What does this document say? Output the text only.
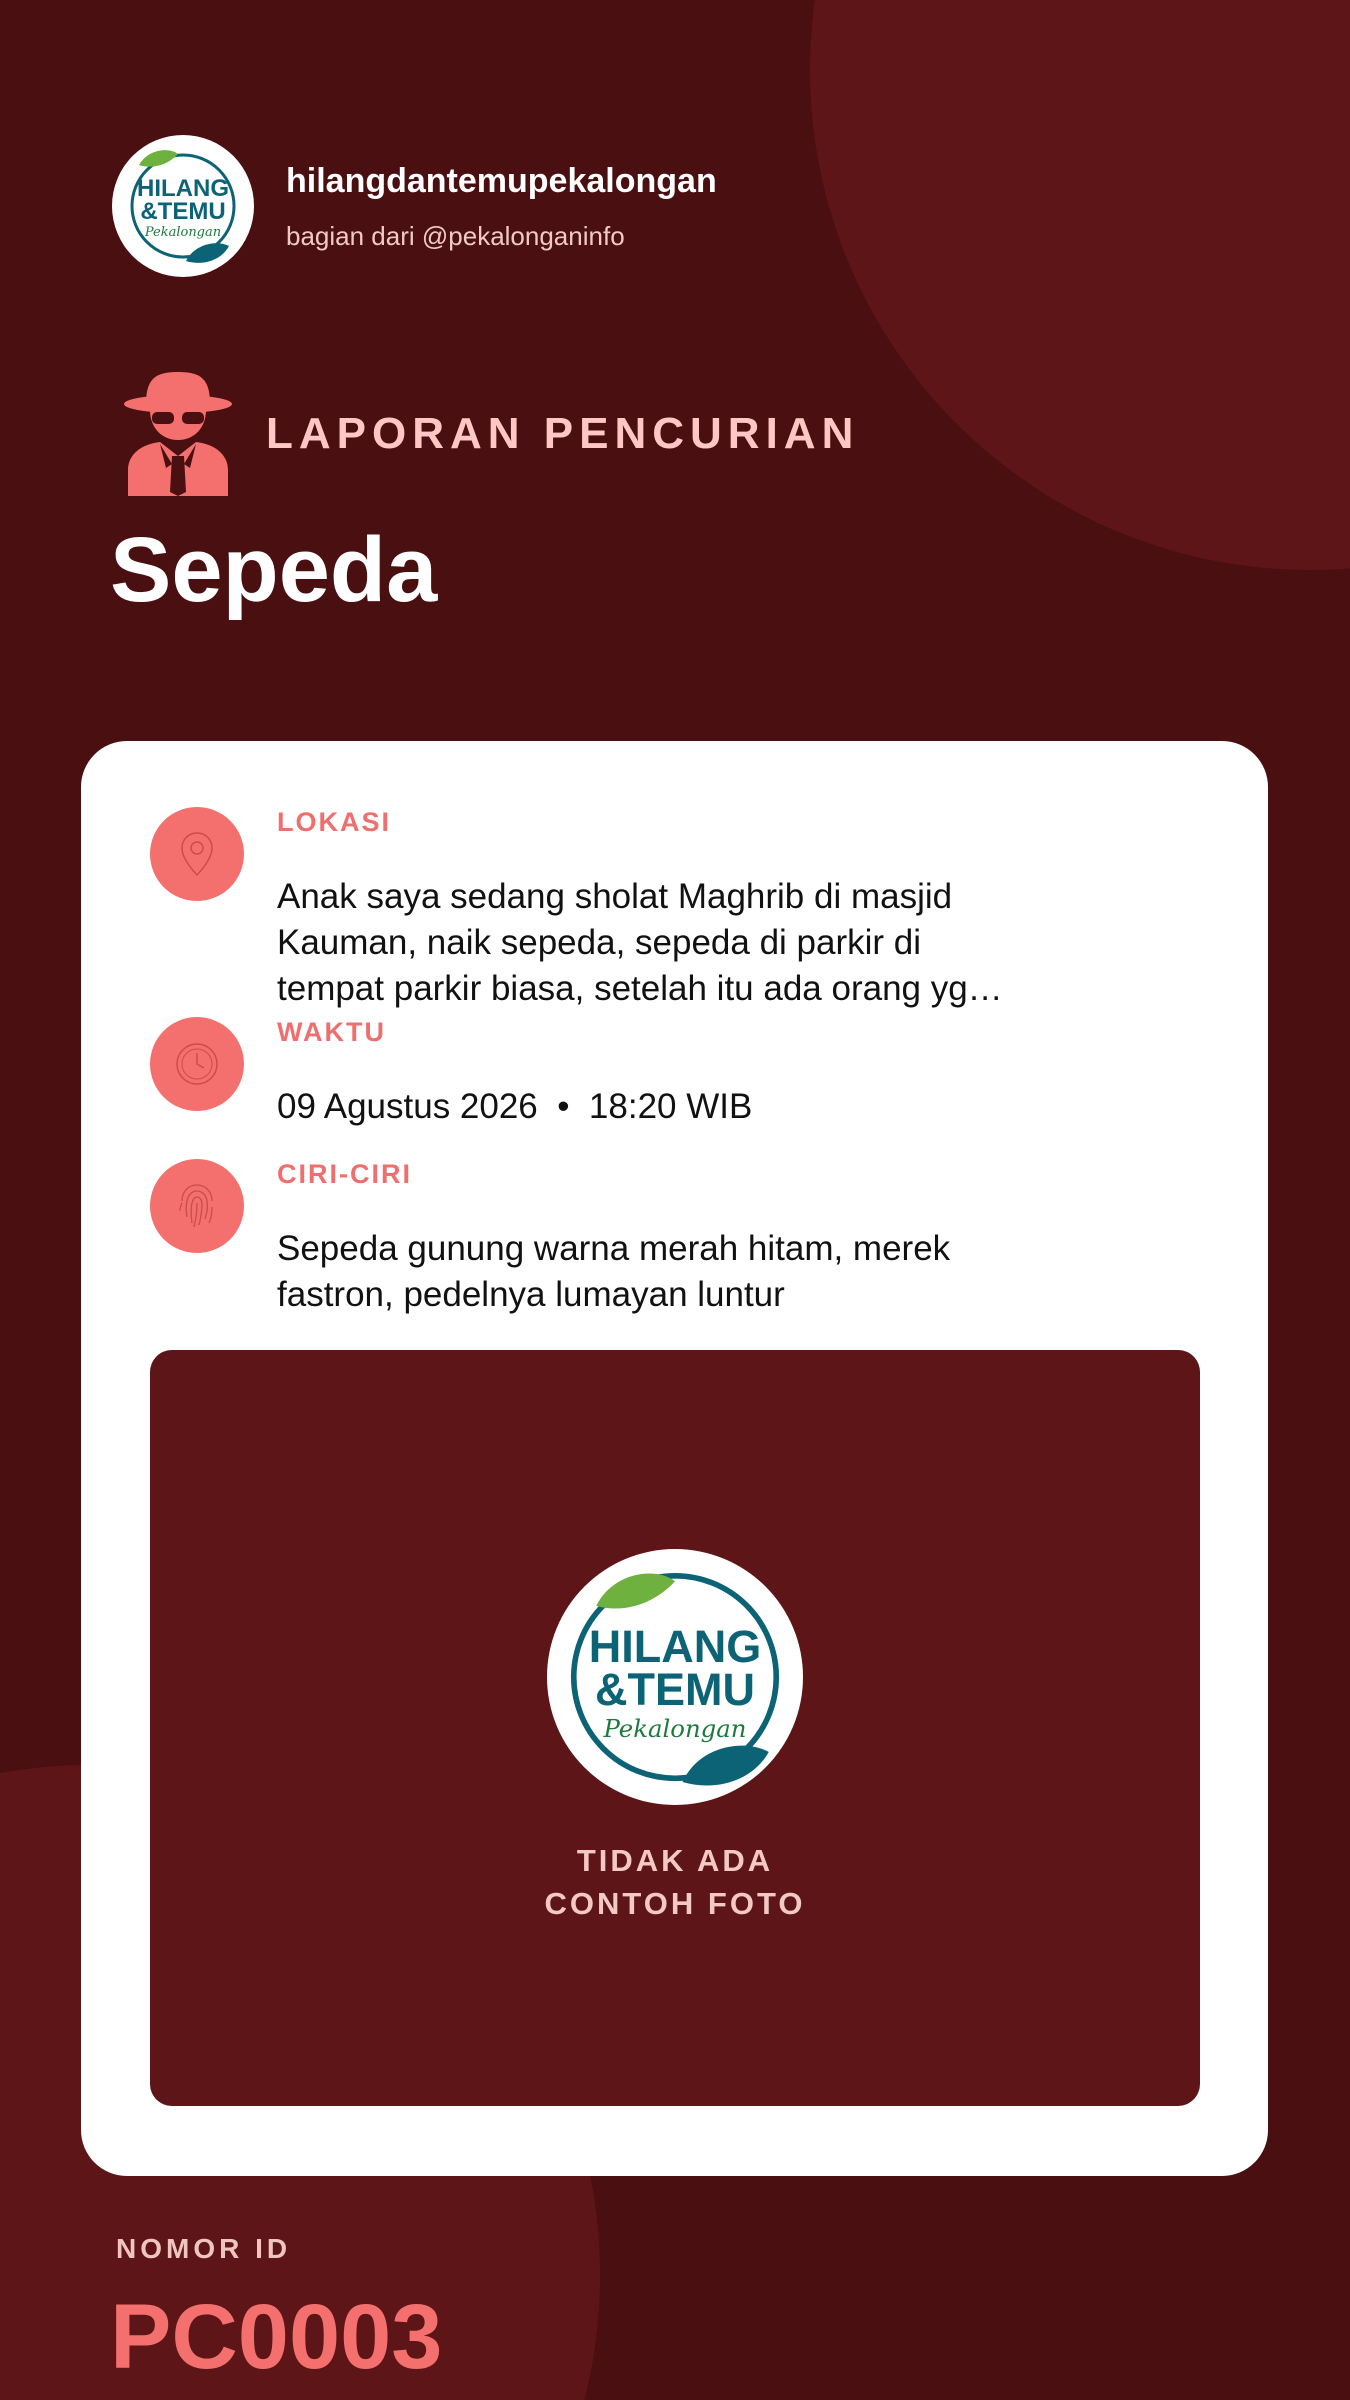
HILANG
&TEMU
Pekalongan
hilangdantemupekalongan
bagian dari @pekalonganinfo
LAPORAN PENCURIAN
Sepeda
LOKASI
Anak saya sedang sholat Maghrib di masjid Kauman, naik sepeda, sepeda di parkir di tempat parkir biasa, setelah itu ada orang yg…
WAKTU
09 Agustus 2026  •  18:20 WIB
CIRI-CIRI
Sepeda gunung warna merah hitam, merek fastron, pedelnya lumayan luntur
HILANG
&TEMU
Pekalongan
TIDAK ADA
CONTOH FOTO
NOMOR ID
PC0003
